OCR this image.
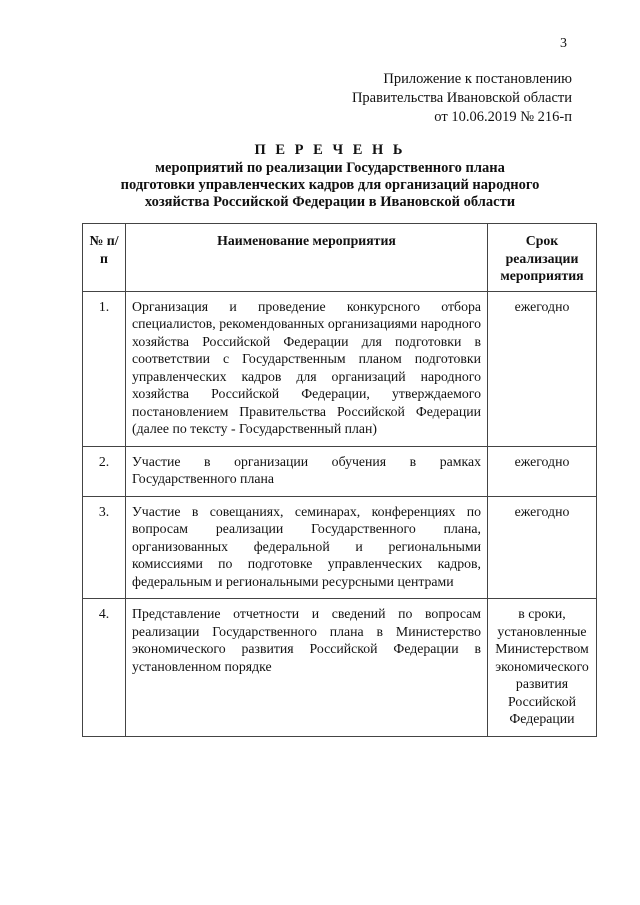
3
Приложение к постановлению
Правительства Ивановской области
от 10.06.2019 № 216-п
П Е Р Е Ч Е Н Ь
мероприятий по реализации Государственного плана
подготовки управленческих кадров для организаций народного
хозяйства Российской Федерации в Ивановской области
№ п/п	Наименование мероприятия	Срок реализации мероприятия
1.	Организация и проведение конкурсного отбора специалистов, рекомендованных организациями народного хозяйства Российской Федерации для подготовки в соответствии с Государственным планом подготовки управленческих кадров для организаций народного хозяйства Российской Федерации, утверждаемого постановлением Правительства Российской Федерации (далее по тексту - Государственный план)	ежегодно
2.	Участие в организации обучения в рамках Государственного плана	ежегодно
3.	Участие в совещаниях, семинарах, конференциях по вопросам реализации Государственного плана, организованных федеральной и региональными комиссиями по подготовке управленческих кадров, федеральным и региональными ресурсными центрами	ежегодно
4.	Представление отчетности и сведений по вопросам реализации Государственного плана в Министерство экономического развития Российской Федерации в установленном порядке	в сроки, установленные Министерством экономического развития Российской Федерации
